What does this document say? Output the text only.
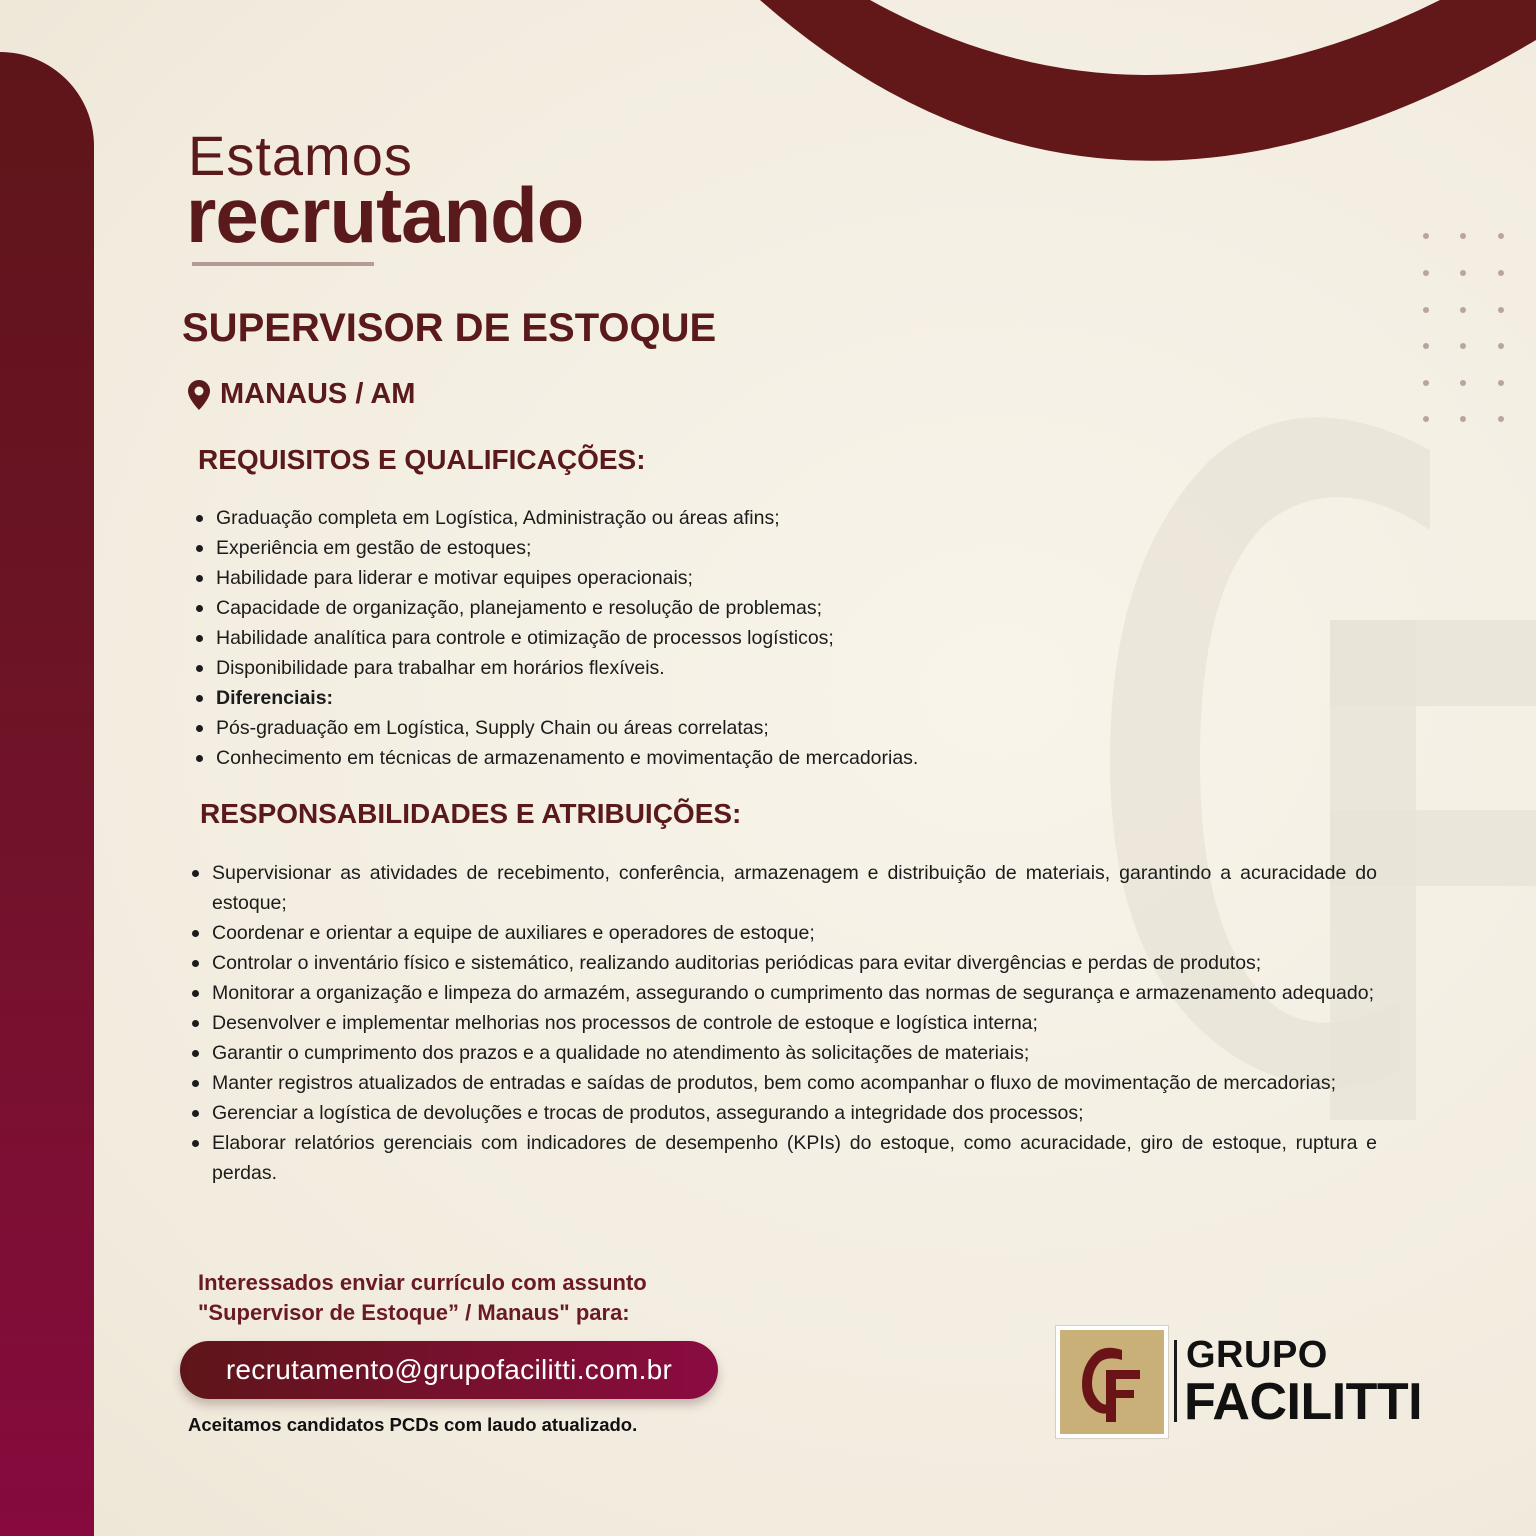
Estamos
recrutando
SUPERVISOR DE ESTOQUE
MANAUS / AM
REQUISITOS E QUALIFICAÇÕES:
Graduação completa em Logística, Administração ou áreas afins;
Experiência em gestão de estoques;
Habilidade para liderar e motivar equipes operacionais;
Capacidade de organização, planejamento e resolução de problemas;
Habilidade analítica para controle e otimização de processos logísticos;
Disponibilidade para trabalhar em horários flexíveis.
Diferenciais:
Pós-graduação em Logística, Supply Chain ou áreas correlatas;
Conhecimento em técnicas de armazenamento e movimentação de mercadorias.
RESPONSABILIDADES E ATRIBUIÇÕES:
Supervisionar as atividades de recebimento, conferência, armazenagem e distribuição de materiais, garantindo a acuracidade do estoque;
Coordenar e orientar a equipe de auxiliares e operadores de estoque;
Controlar o inventário físico e sistemático, realizando auditorias periódicas para evitar divergências e perdas de produtos;
Monitorar a organização e limpeza do armazém, assegurando o cumprimento das normas de segurança e armazenamento adequado;
Desenvolver e implementar melhorias nos processos de controle de estoque e logística interna;
Garantir o cumprimento dos prazos e a qualidade no atendimento às solicitações de materiais;
Manter registros atualizados de entradas e saídas de produtos, bem como acompanhar o fluxo de movimentação de mercadorias;
Gerenciar a logística de devoluções e trocas de produtos, assegurando a integridade dos processos;
Elaborar relatórios gerenciais com indicadores de desempenho (KPIs) do estoque, como acuracidade, giro de estoque, ruptura e perdas.

Interessados enviar currículo com assunto
"Supervisor de Estoque” / Manaus" para:

recrutamento@grupofacilitti.com.br

Aceitamos candidatos PCDs com laudo atualizado.

GRUPO

FACILITTI
